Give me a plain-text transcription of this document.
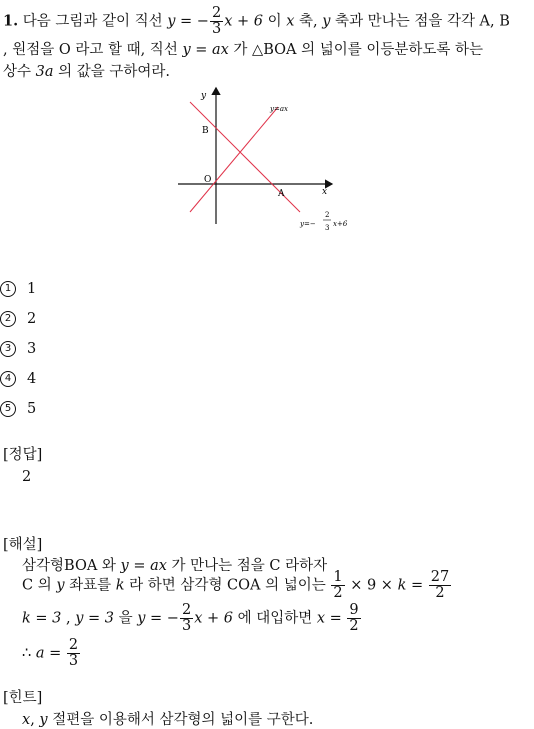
1. 다음 그림과 같이 직선 y = − $\frac{2}{3}$ x + 6 이 x 축, y 축과 만나는 점을 각각 A, B
, 원점을 O 라고 할 때, 직선 y = ax 가 △BOA 의 넓이를 이등분하도록 하는
상수 3a 의 값을 구하여라.
y
x
O
B
A
y=ax
y=−
2
3 x+6
1	1
2	2
3	3
4	4
5	5
[정답]
2
[해설]
삼각형BOA 와 y = ax 가 만나는 점을 C 라하자
C 의 y 좌표를 k 라 하면 삼각형 COA 의 넓이는 $\frac{1}{2} \times 9 \times k = \frac{27}{2}$
k = 3 , y = 3 을 y = − $\frac{2}{3}$ x + 6 에 대입하면 $x = \frac{9}{2}$
∴ $a = \frac{2}{3}$
[힌트]
x, y 절편을 이용해서 삼각형의 넓이를 구한다.
